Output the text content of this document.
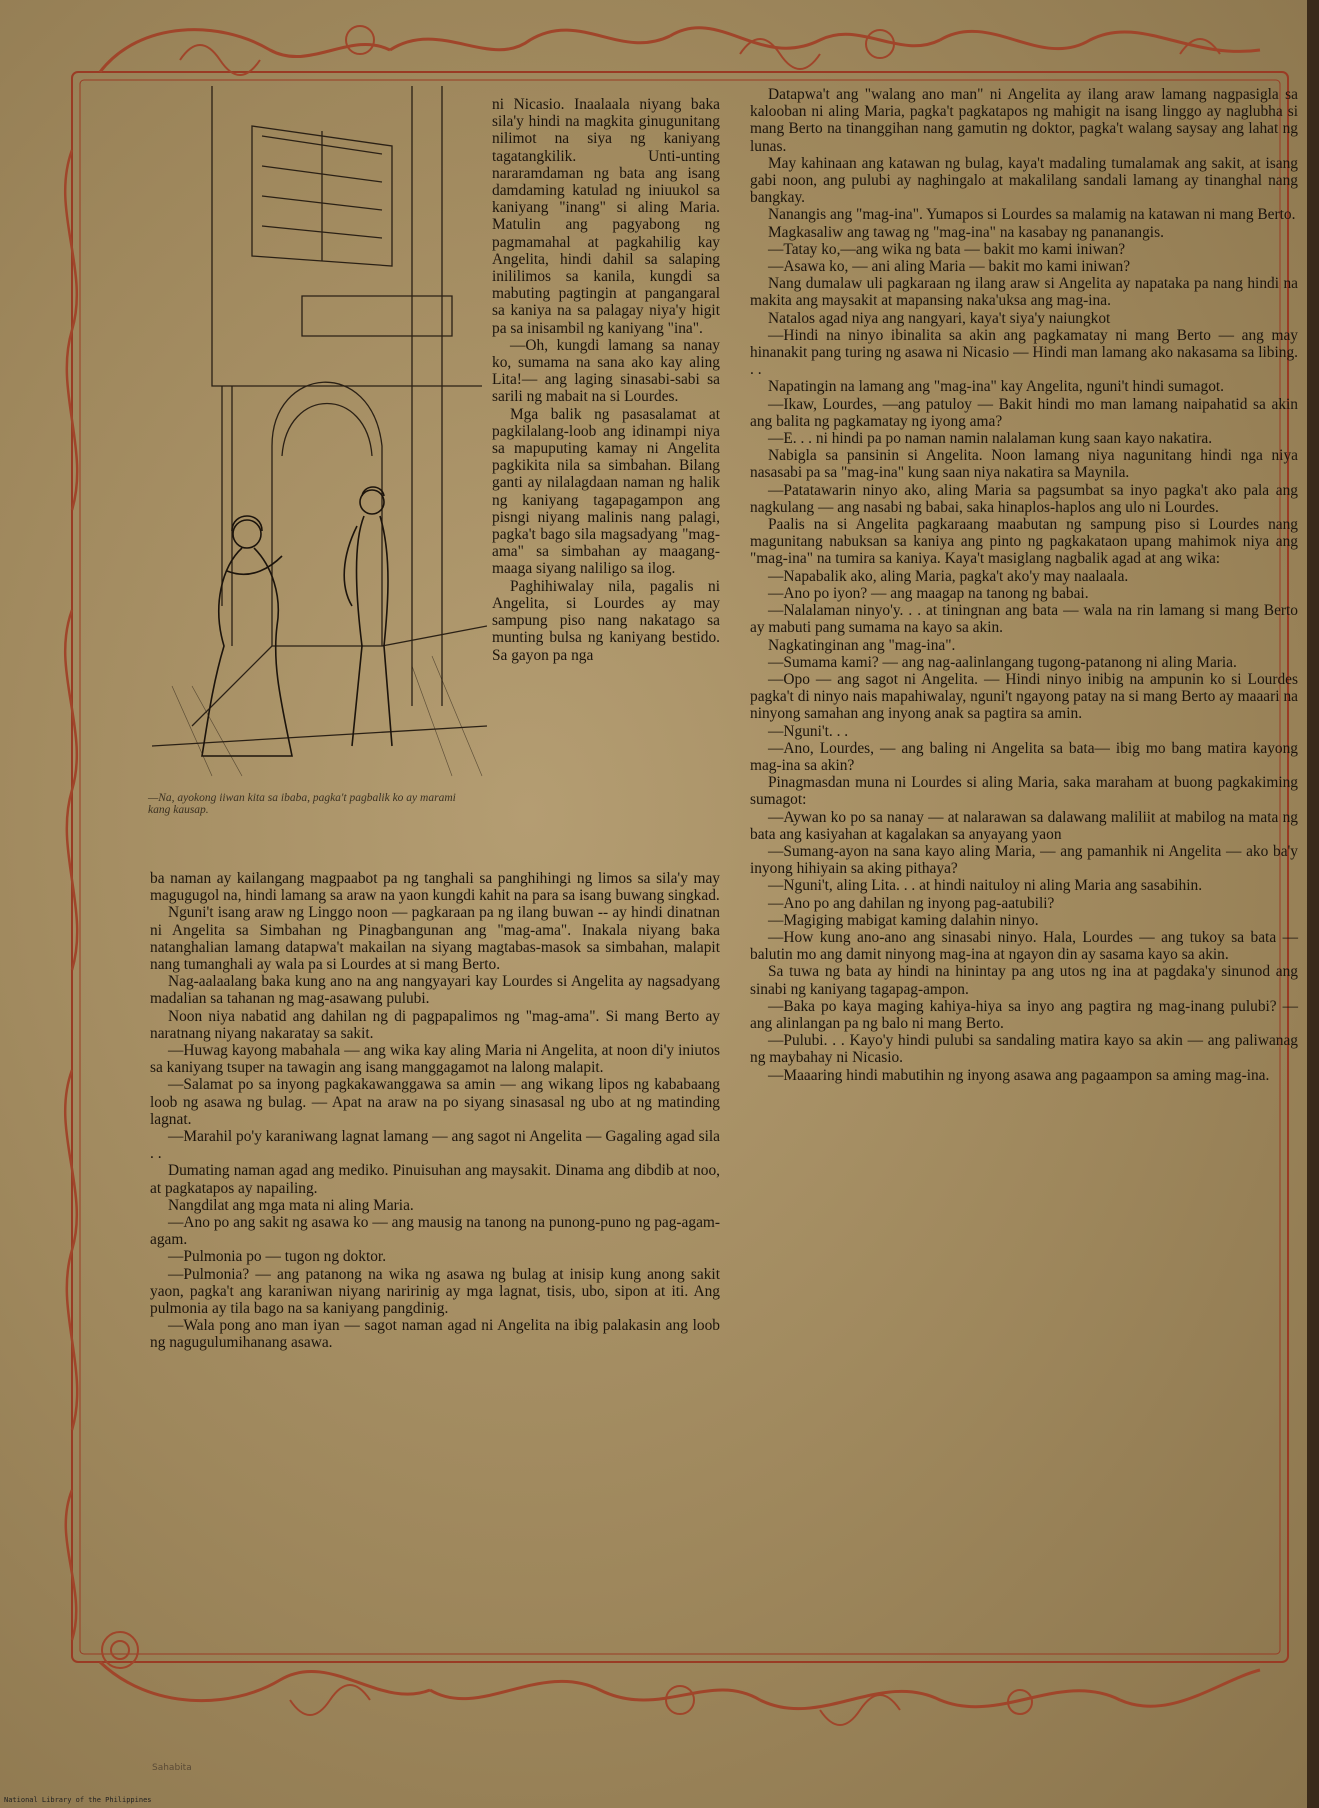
—Na, ayokong iiwan kita sa ibaba, pagka't pagbalik ko ay marami kang kausap.

ni Nicasio. Inaalaala niyang baka sila'y hindi na magkita ginugunitang nilimot na siya ng kaniyang tagatangkilik. Unti-unting nararamdaman ng bata ang isang damdaming katulad ng iniuukol sa kaniyang "inang" si aling Maria. Matulin ang pagyabong ng pagmamahal at pagkahilig kay Angelita, hindi dahil sa salaping inililimos sa kanila, kungdi sa mabuting pagtingin at pangangaral sa kaniya na sa palagay niya'y higit pa sa inisambil ng kaniyang "ina".

—Oh, kungdi lamang sa nanay ko, sumama na sana ako kay aling Lita!— ang laging sinasabi-sabi sa sarili ng mabait na si Lourdes.

Mga balik ng pasasalamat at pagkilalang-loob ang idinampi niya sa mapuputing kamay ni Angelita pagkikita nila sa simbahan. Bilang ganti ay nilalagdaan naman ng halik ng kaniyang tagapagampon ang pisngi niyang malinis nang palagi, pagka't bago sila magsadyang "mag-ama" sa simbahan ay maagang-maaga siyang naliligo sa ilog.

Paghihiwalay nila, pagalis ni Angelita, si Lourdes ay may sampung piso nang nakatago sa munting bulsa ng kaniyang bestido. Sa gayon pa nga

ba naman ay kailangang magpaabot pa ng tanghali sa panghihingi ng limos sa sila'y may magugugol na, hindi lamang sa araw na yaon kungdi kahit na para sa isang buwang singkad.

Nguni't isang araw ng Linggo noon — pagkaraan pa ng ilang buwan -- ay hindi dinatnan ni Angelita sa Simbahan ng Pinagbangunan ang "mag-ama". Inakala niyang baka natanghalian lamang datapwa't makailan na siyang magtabas-masok sa simbahan, malapit nang tumanghali ay wala pa si Lourdes at si mang Berto.

Nag-aalaalang baka kung ano na ang nangyayari kay Lourdes si Angelita ay nagsadyang madalian sa tahanan ng mag-asawang pulubi.

Noon niya nabatid ang dahilan ng di pagpapalimos ng "mag-ama". Si mang Berto ay naratnang niyang nakaratay sa sakit.

—Huwag kayong mabahala — ang wika kay aling Maria ni Angelita, at noon di'y iniutos sa kaniyang tsuper na tawagin ang isang manggagamot na lalong malapit.

—Salamat po sa inyong pagkakawanggawa sa amin — ang wikang lipos ng kababaang loob ng asawa ng bulag. — Apat na araw na po siyang sinasasal ng ubo at ng matinding lagnat.

—Marahil po'y karaniwang lagnat lamang — ang sagot ni Angelita — Gagaling agad sila . .

Dumating naman agad ang mediko. Pinuisuhan ang maysakit. Dinama ang dibdib at noo, at pagkatapos ay napailing.

Nangdilat ang mga mata ni aling Maria.

—Ano po ang sakit ng asawa ko — ang mausig na tanong na punong-puno ng pag-agam-agam.

—Pulmonia po — tugon ng doktor.

—Pulmonia? — ang patanong na wika ng asawa ng bulag at inisip kung anong sakit yaon, pagka't ang karaniwan niyang naririnig ay mga lagnat, tisis, ubo, sipon at iti. Ang pulmonia ay tila bago na sa kaniyang pangdinig.

—Wala pong ano man iyan — sagot naman agad ni Angelita na ibig palakasin ang loob ng nagugulumihanang asawa.

Datapwa't ang "walang ano man" ni Angelita ay ilang araw lamang nagpasigla sa kalooban ni aling Maria, pagka't pagkatapos ng mahigit na isang linggo ay naglubha si mang Berto na tinanggihan nang gamutin ng doktor, pagka't walang saysay ang lahat ng lunas.

May kahinaan ang katawan ng bulag, kaya't madaling tumalamak ang sakit, at isang gabi noon, ang pulubi ay naghingalo at makalilang sandali lamang ay tinanghal nang bangkay.

Nanangis ang "mag-ina". Yumapos si Lourdes sa malamig na katawan ni mang Berto.

Magkasaliw ang tawag ng "mag-ina" na kasabay ng pananangis.

—Tatay ko,—ang wika ng bata — bakit mo kami iniwan?

—Asawa ko, — ani aling Maria — bakit mo kami iniwan?

Nang dumalaw uli pagkaraan ng ilang araw si Angelita ay napataka pa nang hindi na makita ang maysakit at mapansing naka'uksa ang mag-ina.

Natalos agad niya ang nangyari, kaya't siya'y naiungkot

—Hindi na ninyo ibinalita sa akin ang pagkamatay ni mang Berto — ang may hinanakit pang turing ng asawa ni Nicasio — Hindi man lamang ako nakasama sa libing. . .

Napatingin na lamang ang "mag-ina" kay Angelita, nguni't hindi sumagot.

—Ikaw, Lourdes, —ang patuloy — Bakit hindi mo man lamang naipahatid sa akin ang balita ng pagkamatay ng iyong ama?

—E. . . ni hindi pa po naman namin nalalaman kung saan kayo nakatira.

Nabigla sa pansinin si Angelita. Noon lamang niya nagunitang hindi nga niya nasasabi pa sa "mag-ina" kung saan niya nakatira sa Maynila.

—Patatawarin ninyo ako, aling Maria sa pagsumbat sa inyo pagka't ako pala ang nagkulang — ang nasabi ng babai, saka hinaplos-haplos ang ulo ni Lourdes.

Paalis na si Angelita pagkaraang maabutan ng sampung piso si Lourdes nang magunitang nabuksan sa kaniya ang pinto ng pagkakataon upang mahimok niya ang "mag-ina" na tumira sa kaniya. Kaya't masiglang nagbalik agad at ang wika:

—Napabalik ako, aling Maria, pagka't ako'y may naalaala.

—Ano po iyon? — ang maagap na tanong ng babai.

—Nalalaman ninyo'y. . . at tiningnan ang bata — wala na rin lamang si mang Berto ay mabuti pang sumama na kayo sa akin.

Nagkatinginan ang "mag-ina".

—Sumama kami? — ang nag-aalinlangang tugong-patanong ni aling Maria.

—Opo — ang sagot ni Angelita. — Hindi ninyo inibig na ampunin ko si Lourdes pagka't di ninyo nais mapahiwalay, nguni't ngayong patay na si mang Berto ay maaari na ninyong samahan ang inyong anak sa pagtira sa amin.

—Nguni't. . .

—Ano, Lourdes, — ang baling ni Angelita sa bata— ibig mo bang matira kayong mag-ina sa akin?

Pinagmasdan muna ni Lourdes si aling Maria, saka maraham at buong pagkakiming sumagot:

—Aywan ko po sa nanay — at nalarawan sa dalawang maliliit at mabilog na mata ng bata ang kasiyahan at kagalakan sa anyayang yaon

—Sumang-ayon na sana kayo aling Maria, — ang pamanhik ni Angelita — ako ba'y inyong hihiyain sa aking pithaya?

—Nguni't, aling Lita. . . at hindi naituloy ni aling Maria ang sasabihin.

—Ano po ang dahilan ng inyong pag-aatubili?

—Magiging mabigat kaming dalahin ninyo.

—How kung ano-ano ang sinasabi ninyo. Hala, Lourdes — ang tukoy sa bata — balutin mo ang damit ninyong mag-ina at ngayon din ay sasama kayo sa akin.

Sa tuwa ng bata ay hindi na hinintay pa ang utos ng ina at pagdaka'y sinunod ang sinabi ng kaniyang tagapag-ampon.

—Baka po kaya maging kahiya-hiya sa inyo ang pagtira ng mag-inang pulubi? — ang alinlangan pa ng balo ni mang Berto.

—Pulubi. . . Kayo'y hindi pulubi sa sandaling matira kayo sa akin — ang paliwanag ng maybahay ni Nicasio.

—Maaaring hindi mabutihin ng inyong asawa ang pagaampon sa aming mag-ina.

Sahabita
National Library of the Philippines
